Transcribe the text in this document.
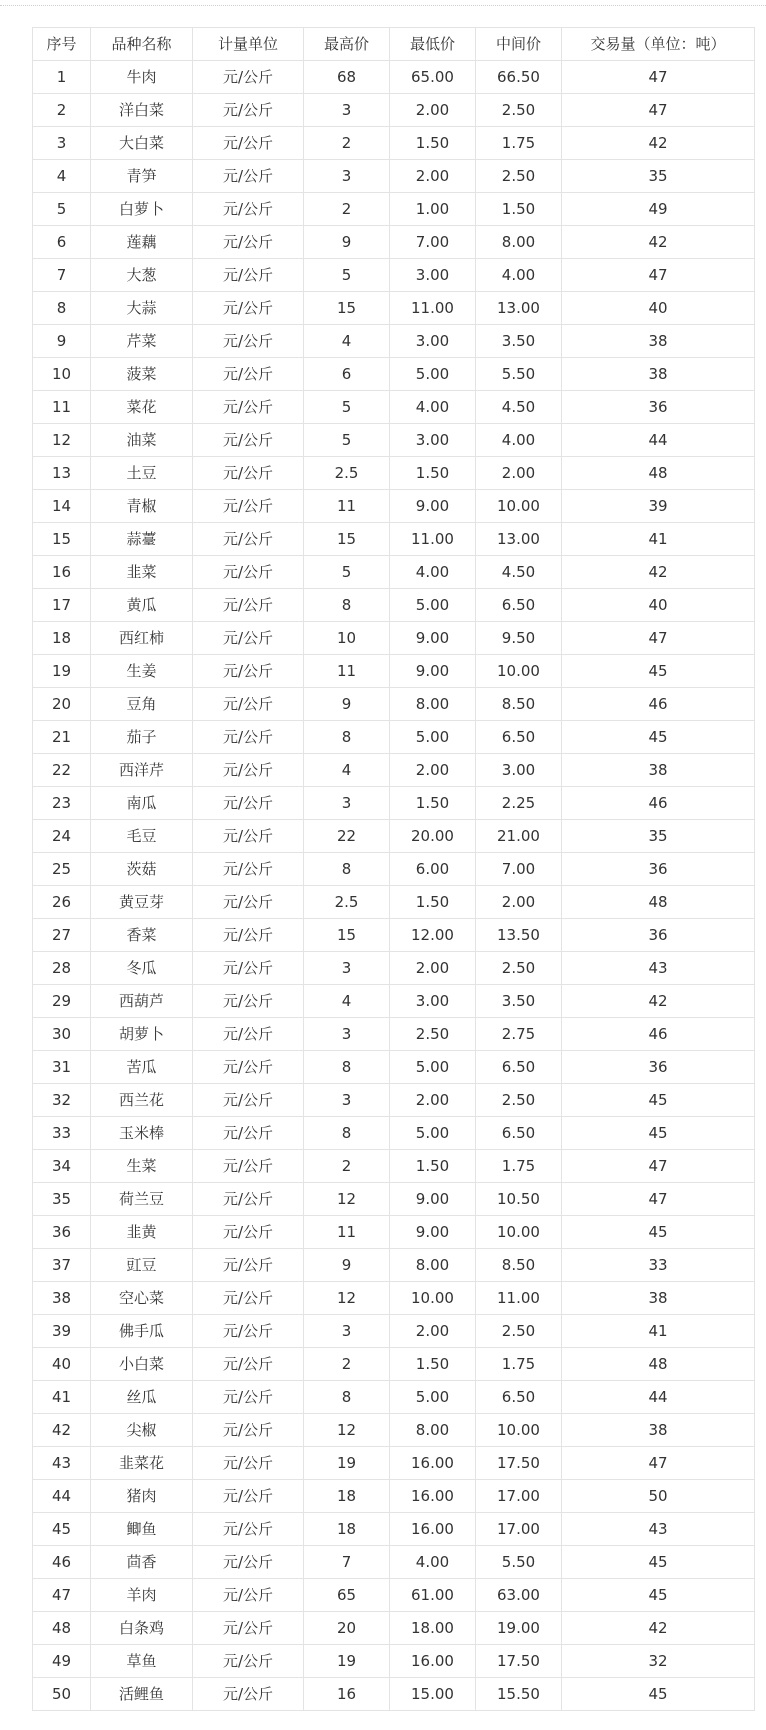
序号	品种名称	计量单位	最高价	最低价	中间价	交易量（单位：吨）
1	牛肉	元/公斤	68	65.00	66.50	47
2	洋白菜	元/公斤	3	2.00	2.50	47
3	大白菜	元/公斤	2	1.50	1.75	42
4	青笋	元/公斤	3	2.00	2.50	35
5	白萝卜	元/公斤	2	1.00	1.50	49
6	莲藕	元/公斤	9	7.00	8.00	42
7	大葱	元/公斤	5	3.00	4.00	47
8	大蒜	元/公斤	15	11.00	13.00	40
9	芹菜	元/公斤	4	3.00	3.50	38
10	菠菜	元/公斤	6	5.00	5.50	38
11	菜花	元/公斤	5	4.00	4.50	36
12	油菜	元/公斤	5	3.00	4.00	44
13	土豆	元/公斤	2.5	1.50	2.00	48
14	青椒	元/公斤	11	9.00	10.00	39
15	蒜薹	元/公斤	15	11.00	13.00	41
16	韭菜	元/公斤	5	4.00	4.50	42
17	黄瓜	元/公斤	8	5.00	6.50	40
18	西红柿	元/公斤	10	9.00	9.50	47
19	生姜	元/公斤	11	9.00	10.00	45
20	豆角	元/公斤	9	8.00	8.50	46
21	茄子	元/公斤	8	5.00	6.50	45
22	西洋芹	元/公斤	4	2.00	3.00	38
23	南瓜	元/公斤	3	1.50	2.25	46
24	毛豆	元/公斤	22	20.00	21.00	35
25	茨菇	元/公斤	8	6.00	7.00	36
26	黄豆芽	元/公斤	2.5	1.50	2.00	48
27	香菜	元/公斤	15	12.00	13.50	36
28	冬瓜	元/公斤	3	2.00	2.50	43
29	西葫芦	元/公斤	4	3.00	3.50	42
30	胡萝卜	元/公斤	3	2.50	2.75	46
31	苦瓜	元/公斤	8	5.00	6.50	36
32	西兰花	元/公斤	3	2.00	2.50	45
33	玉米棒	元/公斤	8	5.00	6.50	45
34	生菜	元/公斤	2	1.50	1.75	47
35	荷兰豆	元/公斤	12	9.00	10.50	47
36	韭黄	元/公斤	11	9.00	10.00	45
37	豇豆	元/公斤	9	8.00	8.50	33
38	空心菜	元/公斤	12	10.00	11.00	38
39	佛手瓜	元/公斤	3	2.00	2.50	41
40	小白菜	元/公斤	2	1.50	1.75	48
41	丝瓜	元/公斤	8	5.00	6.50	44
42	尖椒	元/公斤	12	8.00	10.00	38
43	韭菜花	元/公斤	19	16.00	17.50	47
44	猪肉	元/公斤	18	16.00	17.00	50
45	鲫鱼	元/公斤	18	16.00	17.00	43
46	茴香	元/公斤	7	4.00	5.50	45
47	羊肉	元/公斤	65	61.00	63.00	45
48	白条鸡	元/公斤	20	18.00	19.00	42
49	草鱼	元/公斤	19	16.00	17.50	32
50	活鲤鱼	元/公斤	16	15.00	15.50	45
